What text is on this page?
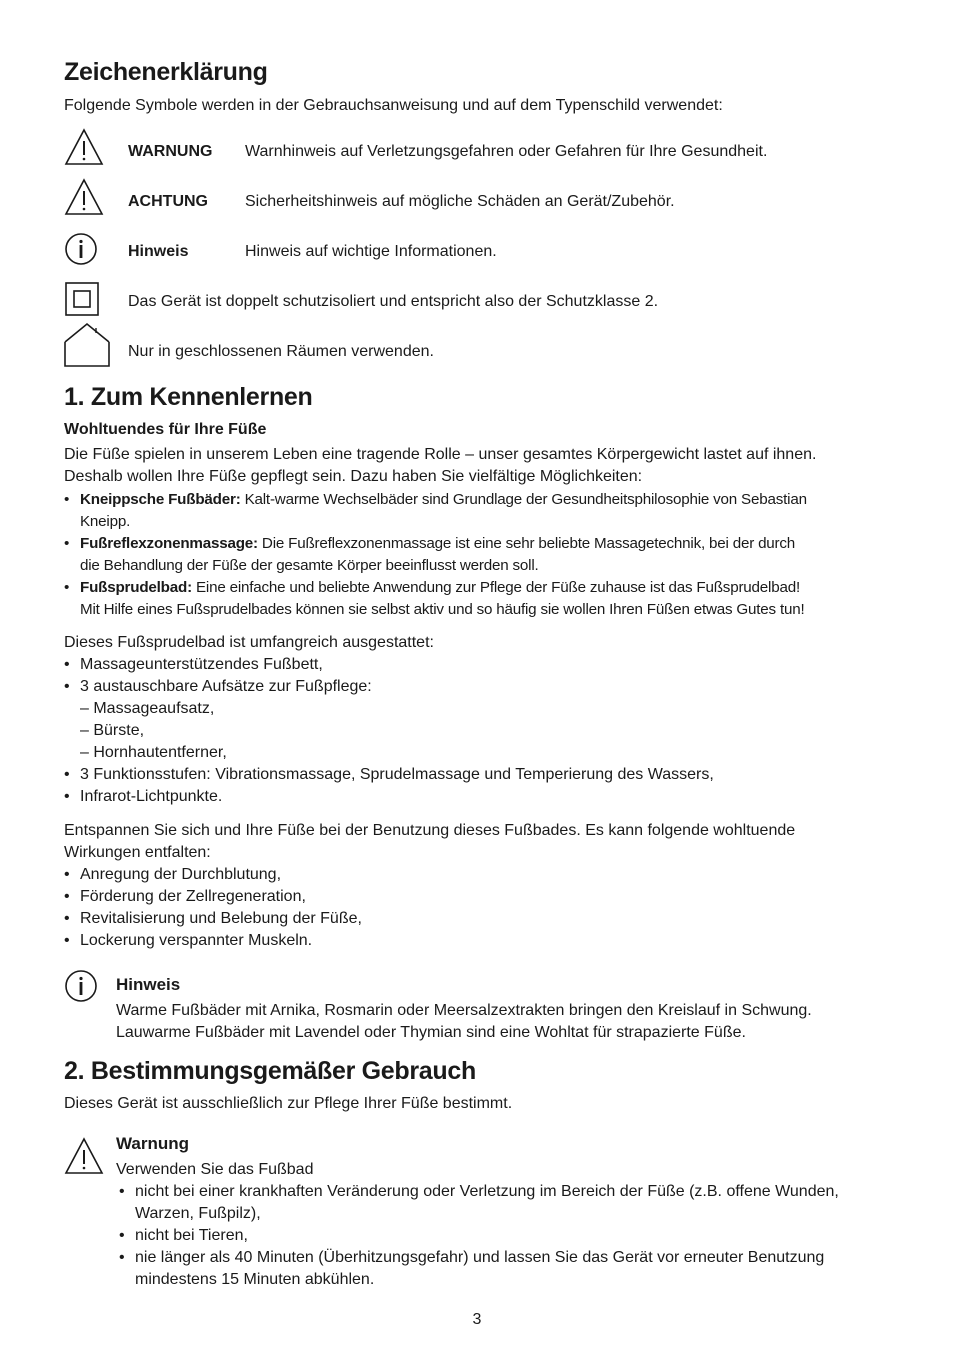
Zeichenerklärung
Folgende Symbole werden in der Gebrauchsanweisung und auf dem Typenschild verwendet:
WARNUNG Warnhinweis auf Verletzungsgefahren oder Gefahren für Ihre Gesundheit.
ACHTUNG Sicherheitshinweis auf mögliche Schäden an Gerät/Zubehör.
Hinweis	Hinweis auf wichtige Informationen.
Das Gerät ist doppelt schutzisoliert und entspricht also der Schutzklasse 2.
Nur in geschlossenen Räumen verwenden.
1. Zum Kennenlernen
Wohltuendes für Ihre Füße
Die Füße spielen in unserem Leben eine tragende Rolle – unser gesamtes Körpergewicht lastet auf ihnen.
Deshalb wollen Ihre Füße gepflegt sein. Dazu haben Sie vielfältige Möglichkeiten:
• Kneippsche Fußbäder: Kalt-warme Wechselbäder sind Grundlage der Gesundheitsphilosophie von Sebastian
Kneipp.
• Fußreflexzonenmassage: Die Fußreflexzonenmassage ist eine sehr beliebte Massagetechnik, bei der durch
die Behandlung der Füße der gesamte Körper beeinflusst werden soll.
• Fußsprudelbad: Eine einfache und beliebte Anwendung zur Pflege der Füße zuhause ist das Fußsprudelbad!
Mit Hilfe eines Fußsprudelbades können sie selbst aktiv und so häufig sie wollen Ihren Füßen etwas Gutes tun!
Dieses Fußsprudelbad ist umfangreich ausgestattet:
• Massageunterstützendes Fußbett,
• 3 austauschbare Aufsätze zur Fußpflege:
– Massageaufsatz,
– Bürste,
– Hornhautentferner,
• 3 Funktionsstufen: Vibrationsmassage, Sprudelmassage und Temperierung des Wassers,
• Infrarot-Lichtpunkte.
Entspannen Sie sich und Ihre Füße bei der Benutzung dieses Fußbades. Es kann folgende wohltuende
Wirkungen entfalten:
• Anregung der Durchblutung,
• Förderung der Zellregeneration,
• Revitalisierung und Belebung der Füße,
• Lockerung verspannter Muskeln.
Hinweis
Warme Fußbäder mit Arnika, Rosmarin oder Meersalzextrakten bringen den Kreislauf in Schwung.
Lauwarme Fußbäder mit Lavendel oder Thymian sind eine Wohltat für strapazierte Füße.
2. Bestimmungsgemäßer Gebrauch
Dieses Gerät ist ausschließlich zur Pflege Ihrer Füße bestimmt.
Warnung
Verwenden Sie das Fußbad
• nicht bei einer krankhaften Veränderung oder Verletzung im Bereich der Füße (z.B. offene Wunden,
Warzen, Fußpilz),
• nicht bei Tieren,
• nie länger als 40 Minuten (Überhitzungsgefahr) und lassen Sie das Gerät vor erneuter Benutzung
mindestens 15 Minuten abkühlen.
3
